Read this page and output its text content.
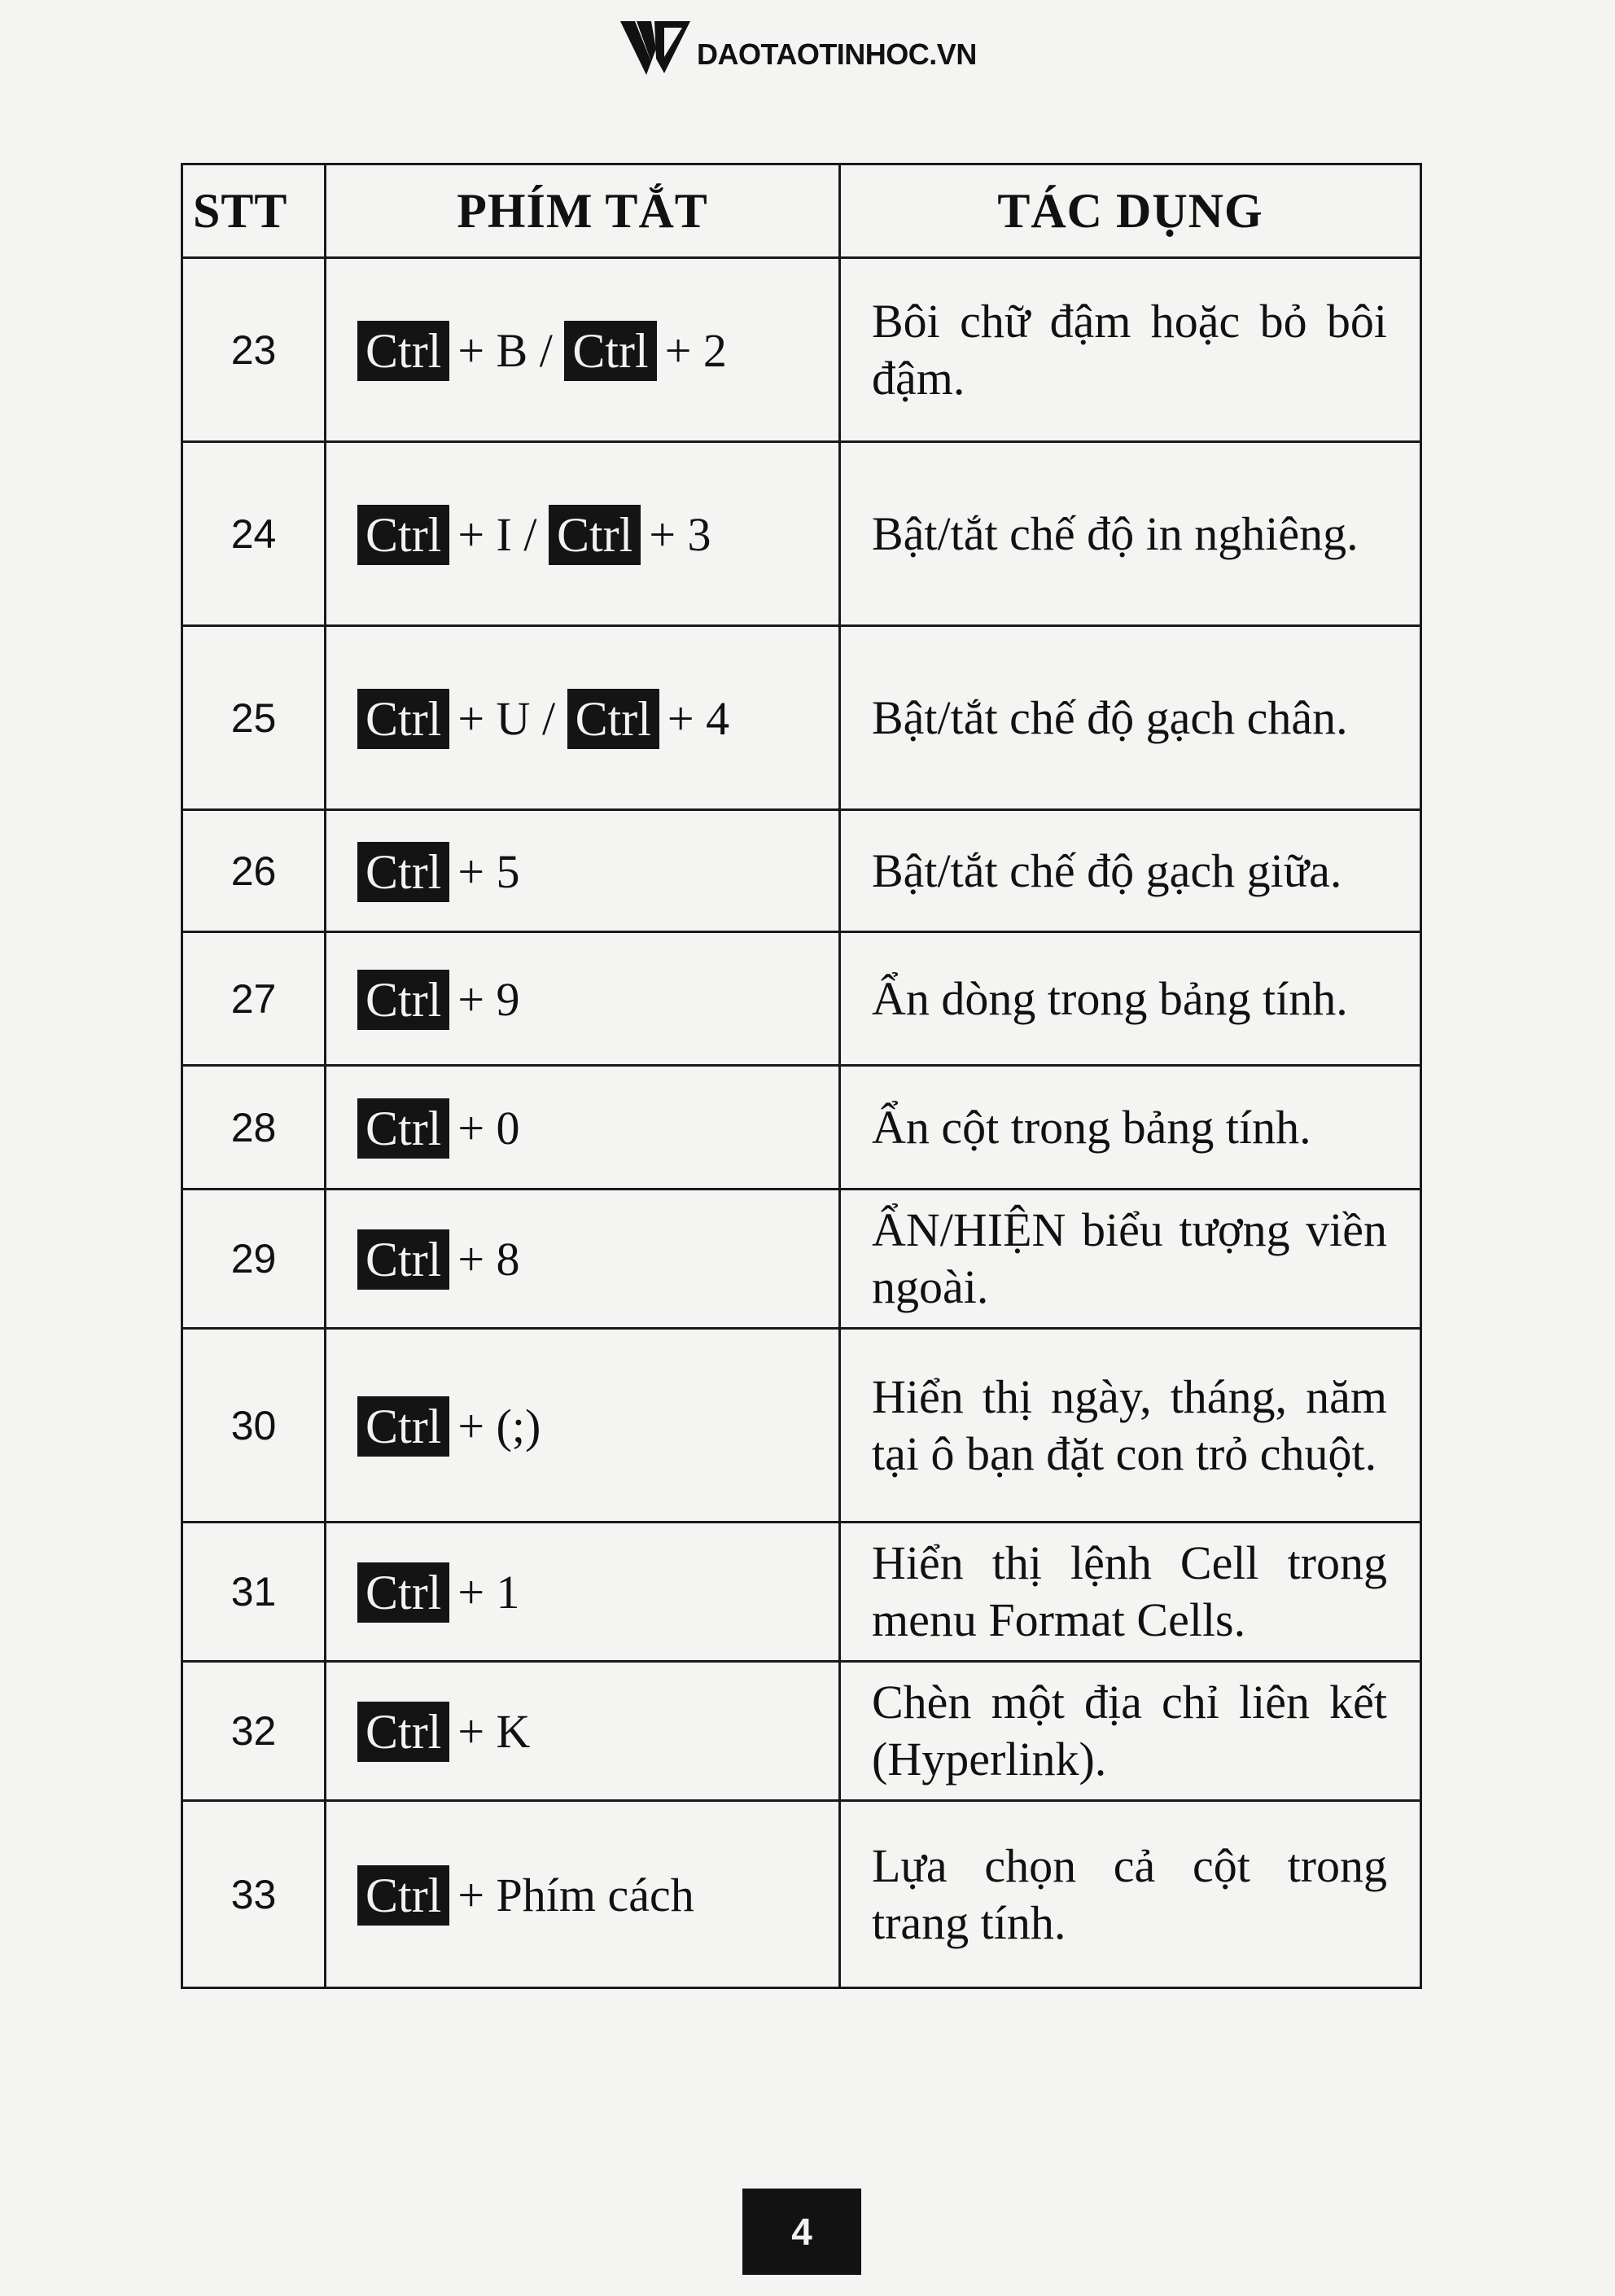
DAOTAOTINHOC.VN
STT	PHÍM TẮT	TÁC DỤNG
23	Ctrl + B / Ctrl + 2	Bôi chữ đậm hoặc bỏ bôi đậm.
24	Ctrl + I / Ctrl + 3	Bật/tắt chế độ in nghiêng.
25	Ctrl + U / Ctrl + 4	Bật/tắt chế độ gạch chân.
26	Ctrl + 5	Bật/tắt chế độ gạch giữa.
27	Ctrl + 9	Ẩn dòng trong bảng tính.
28	Ctrl + 0	Ẩn cột trong bảng tính.
29	Ctrl + 8	ẨN/HIỆN biểu tượng viền ngoài.
30	Ctrl + (;)	Hiển thị ngày, tháng, năm tại ô bạn đặt con trỏ chuột.
31	Ctrl + 1	Hiển thị lệnh Cell trong menu Format Cells.
32	Ctrl + K	Chèn một địa chỉ liên kết (Hyperlink).
33	Ctrl + Phím cách	Lựa chọn cả cột trong trang tính.
4
